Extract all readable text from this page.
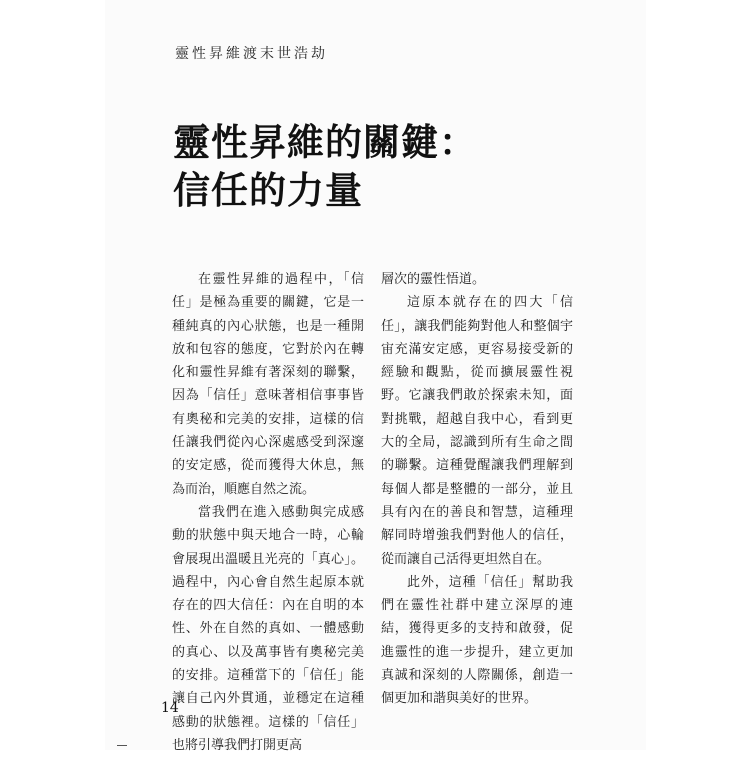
靈性昇維渡末世浩劫
靈性昇維的關鍵：
信任的力量

在靈性昇維的過程中，「信任」是極為重要的關鍵，它是一種純真的內心狀態，也是一種開放和包容的態度，它對於內在轉化和靈性昇維有著深刻的聯繫，因為「信任」意味著相信事事皆有奧秘和完美的安排，這樣的信任讓我們從內心深處感受到深邃的安定感，從而獲得大休息，無為而治，順應自然之流。

當我們在進入感動與完成感動的狀態中與天地合一時，心輪會展現出溫暖且光亮的「真心」。過程中，內心會自然生起原本就存在的四大信任：內在自明的本性、外在自然的真如、一體感動的真心、以及萬事皆有奧秘完美的安排。這種當下的「信任」能讓自己內外貫通，並穩定在這種感動的狀態裡。這樣的「信任」也將引導我們打開更高

層次的靈性悟道。

這原本就存在的四大「信任」，讓我們能夠對他人和整個宇宙充滿安定感，更容易接受新的經驗和觀點，從而擴展靈性視野。它讓我們敢於探索未知，面對挑戰，超越自我中心，看到更大的全局，認識到所有生命之間的聯繫。這種覺醒讓我們理解到每個人都是整體的一部分，並且具有內在的善良和智慧，這種理解同時增強我們對他人的信任，從而讓自己活得更坦然自在。

此外，這種「信任」幫助我們在靈性社群中建立深厚的連結，獲得更多的支持和啟發，促進靈性的進一步提升，建立更加真誠和深刻的人際關係，創造一個更加和諧與美好的世界。

14
